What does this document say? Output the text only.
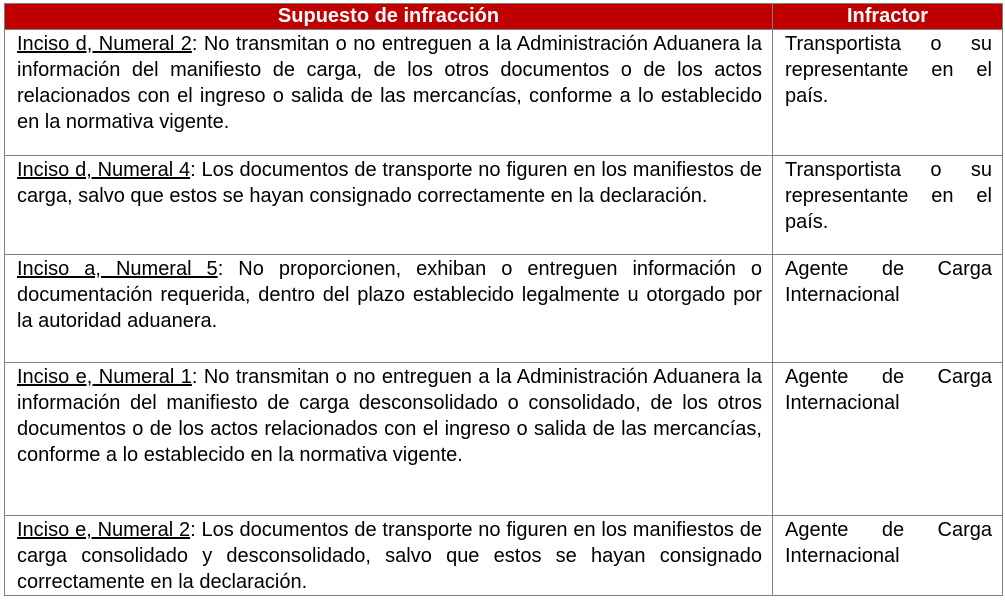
Supuesto de infracción	Infractor
Inciso d, Numeral 2: No transmitan o no entreguen a la Administración Aduanera la información del manifiesto de carga, de los otros documentos o de los actos relacionados con el ingreso o salida de las mercancías, conforme a lo establecido en la normativa vigente.	Transportista o su representante en el país.
Inciso d, Numeral 4: Los documentos de transporte no figuren en los manifiestos de carga, salvo que estos se hayan consignado correctamente en la declaración.	Transportista o su representante en el país.
Inciso a, Numeral 5: No proporcionen, exhiban o entreguen información o documentación requerida, dentro del plazo establecido legalmente u otorgado por la autoridad aduanera.	Agente de Carga Internacional
Inciso e, Numeral 1: No transmitan o no entreguen a la Administración Aduanera la información del manifiesto de carga desconsolidado o consolidado, de los otros documentos o de los actos relacionados con el ingreso o salida de las mercancías, conforme a lo establecido en la normativa vigente.	Agente de Carga Internacional
Inciso e, Numeral 2: Los documentos de transporte no figuren en los manifiestos de carga consolidado y desconsolidado, salvo que estos se hayan consignado correctamente en la declaración.	Agente de Carga Internacional
